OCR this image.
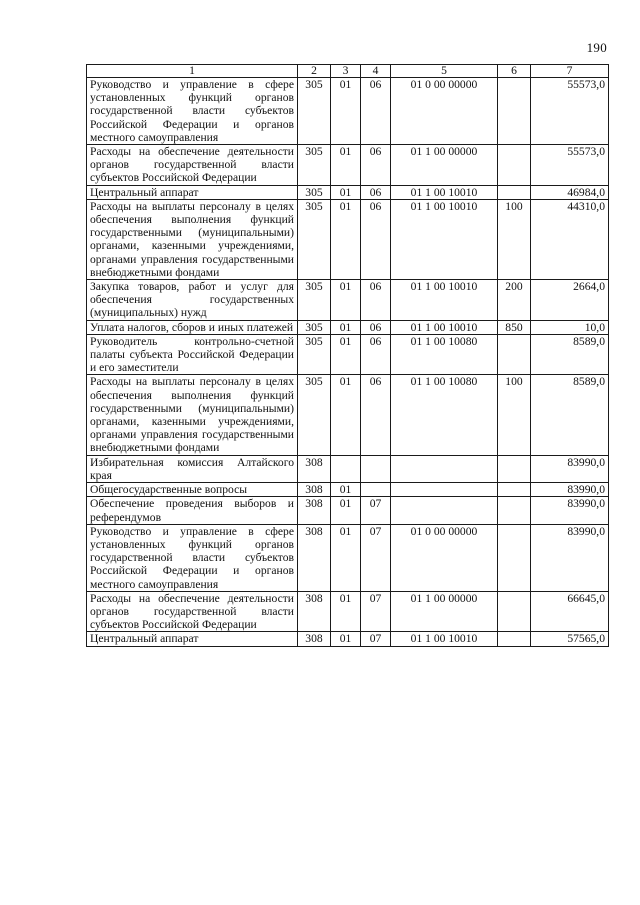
190
1	2	3	4	5	6	7
Руководство и управление в сфере установленных функций органов государственной власти субъектов Российской Федерации и органов местного самоуправления	305	01	06	01 0 00 00000		55573,0
Расходы на обеспечение деятельности органов государственной власти субъектов Российской Федерации	305	01	06	01 1 00 00000		55573,0
Центральный аппарат	305	01	06	01 1 00 10010		46984,0
Расходы на выплаты персоналу в целях обеспечения выполнения функций государственными (муниципальными) органами, казенными учреждениями, органами управления государственными внебюджетными фондами	305	01	06	01 1 00 10010	100	44310,0
Закупка товаров, работ и услуг для обеспечения государственных (муниципальных) нужд	305	01	06	01 1 00 10010	200	2664,0
Уплата налогов, сборов и иных платежей	305	01	06	01 1 00 10010	850	10,0
Руководитель контрольно-счетной палаты субъекта Российской Федерации и его заместители	305	01	06	01 1 00 10080		8589,0
Расходы на выплаты персоналу в целях обеспечения выполнения функций государственными (муниципальными) органами, казенными учреждениями, органами управления государственными внебюджетными фондами	305	01	06	01 1 00 10080	100	8589,0
Избирательная комиссия Алтайского края	308					83990,0
Общегосударственные вопросы	308	01				83990,0
Обеспечение проведения выборов и референдумов	308	01	07			83990,0
Руководство и управление в сфере установленных функций органов государственной власти субъектов Российской Федерации и органов местного самоуправления	308	01	07	01 0 00 00000		83990,0
Расходы на обеспечение деятельности органов государственной власти субъектов Российской Федерации	308	01	07	01 1 00 00000		66645,0
Центральный аппарат	308	01	07	01 1 00 10010		57565,0
